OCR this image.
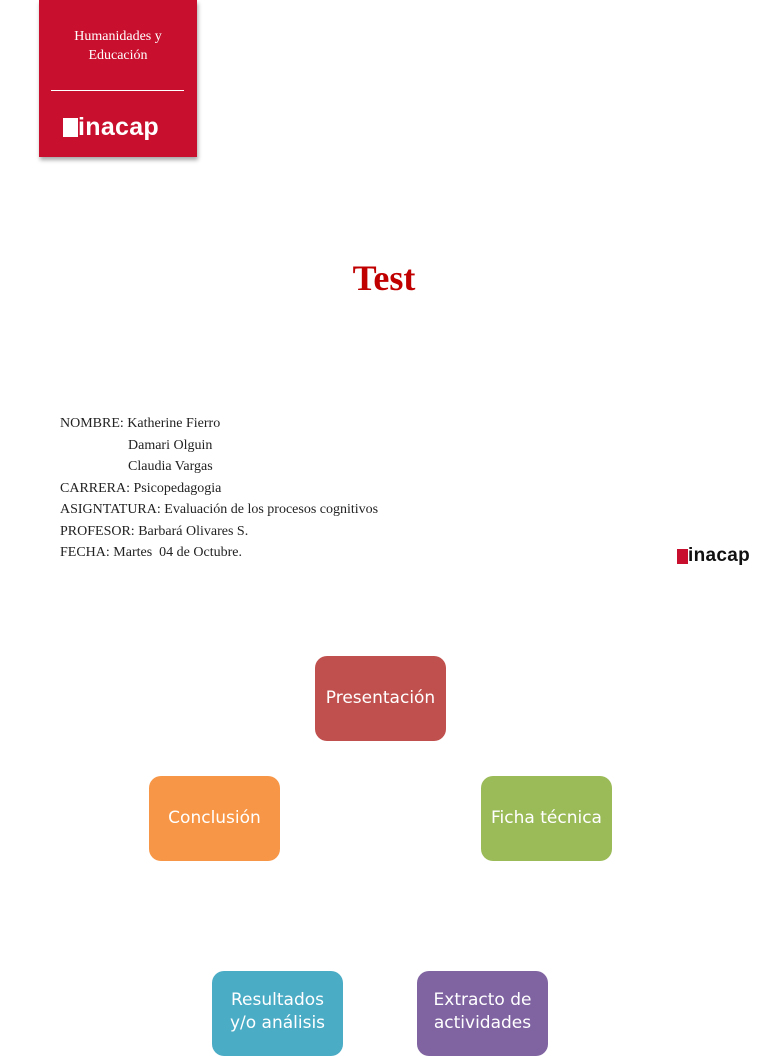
Humanidades y
Educación
inacap
Test
NOMBRE: Katherine Fierro
Damari Olguin
Claudia Vargas
CARRERA: Psicopedagogia
ASIGNTATURA: Evaluación de los procesos cognitivos
PROFESOR: Barbará Olivares S.
FECHA: Martes  04 de Octubre.	inacap
Presentación
Ficha técnica
Conclusión
Resultados y/o análisis
Extracto de actividades
